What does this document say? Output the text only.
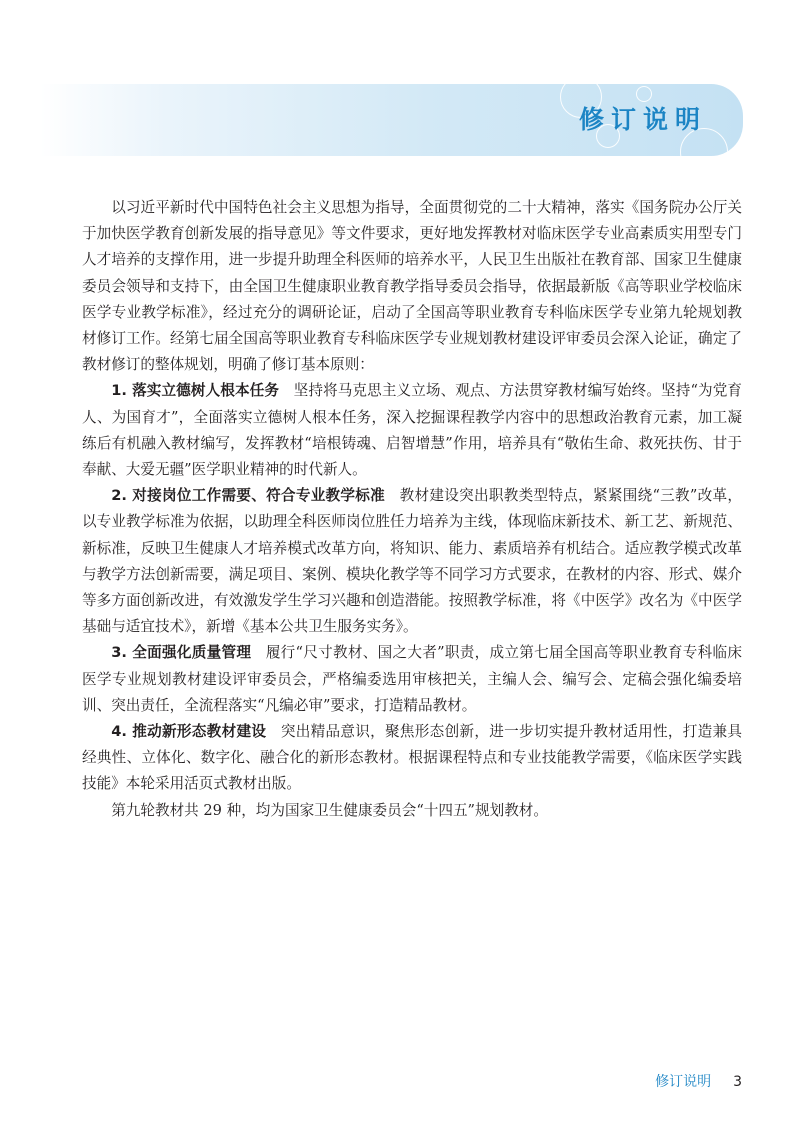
修订说明

以习近平新时代中国特色社会主义思想为指导，全面贯彻党的二十大精神，落实《国务院办公厅关于加快医学教育创新发展的指导意见》等文件要求，更好地发挥教材对临床医学专业高素质实用型专门人才培养的支撑作用，进一步提升助理全科医师的培养水平，人民卫生出版社在教育部、国家卫生健康委员会领导和支持下，由全国卫生健康职业教育教学指导委员会指导，依据最新版《高等职业学校临床医学专业教学标准》，经过充分的调研论证，启动了全国高等职业教育专科临床医学专业第九轮规划教材修订工作。经第七届全国高等职业教育专科临床医学专业规划教材建设评审委员会深入论证，确定了教材修订的整体规划，明确了修订基本原则：

1. 落实立德树人根本任务 坚持将马克思主义立场、观点、方法贯穿教材编写始终。坚持“为党育人、为国育才”，全面落实立德树人根本任务，深入挖掘课程教学内容中的思想政治教育元素，加工凝练后有机融入教材编写，发挥教材“培根铸魂、启智增慧”作用，培养具有“敬佑生命、救死扶伤、甘于奉献、大爱无疆”医学职业精神的时代新人。

2. 对接岗位工作需要、符合专业教学标准 教材建设突出职教类型特点，紧紧围绕“三教”改革，以专业教学标准为依据，以助理全科医师岗位胜任力培养为主线，体现临床新技术、新工艺、新规范、新标准，反映卫生健康人才培养模式改革方向，将知识、能力、素质培养有机结合。适应教学模式改革与教学方法创新需要，满足项目、案例、模块化教学等不同学习方式要求，在教材的内容、形式、媒介等多方面创新改进，有效激发学生学习兴趣和创造潜能。按照教学标准，将《中医学》改名为《中医学基础与适宜技术》，新增《基本公共卫生服务实务》。

3. 全面强化质量管理 履行“尺寸教材、国之大者”职责，成立第七届全国高等职业教育专科临床医学专业规划教材建设评审委员会，严格编委选用审核把关，主编人会、编写会、定稿会强化编委培训、突出责任，全流程落实“凡编必审”要求，打造精品教材。

4. 推动新形态教材建设 突出精品意识，聚焦形态创新，进一步切实提升教材适用性，打造兼具经典性、立体化、数字化、融合化的新形态教材。根据课程特点和专业技能教学需要，《临床医学实践技能》本轮采用活页式教材出版。

第九轮教材共 29 种，均为国家卫生健康委员会“十四五”规划教材。

修订说明 3
